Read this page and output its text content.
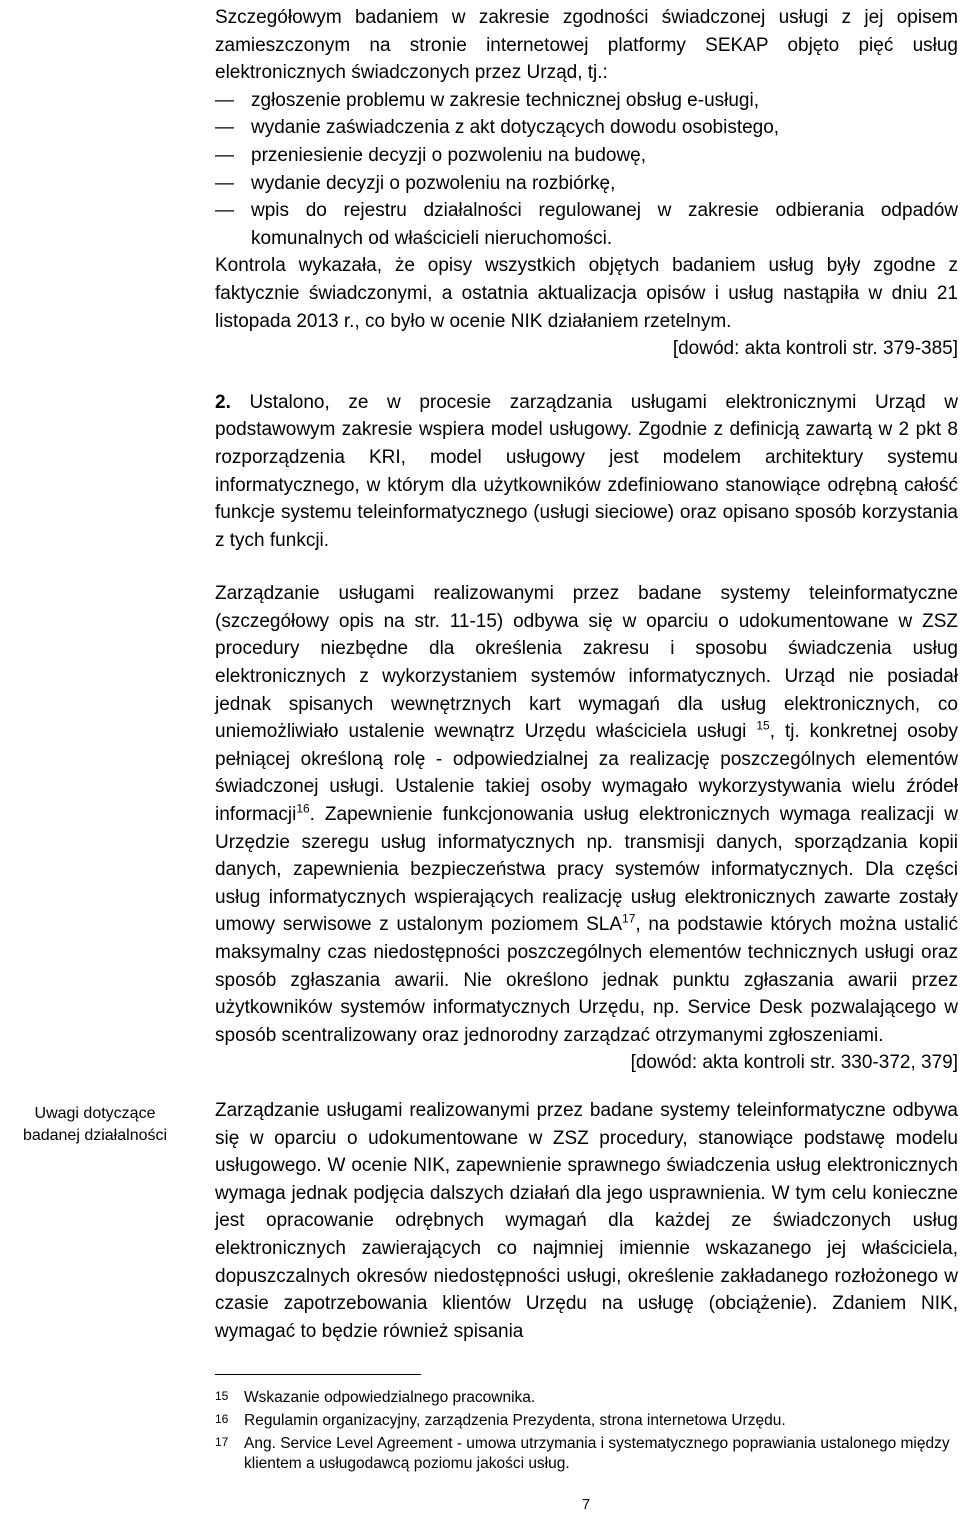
Uwagi dotyczące badanej działalności

Szczegółowym badaniem w zakresie zgodności świadczonej usługi z jej opisem zamieszczonym na stronie internetowej platformy SEKAP objęto pięć usług elektronicznych świadczonych przez Urząd, tj.:

— zgłoszenie problemu w zakresie technicznej obsług e-usługi,
— wydanie zaświadczenia z akt dotyczących dowodu osobistego,
— przeniesienie decyzji o pozwoleniu na budowę,
— wydanie decyzji o pozwoleniu na rozbiórkę,
— wpis do rejestru działalności regulowanej w zakresie odbierania odpadów komunalnych od właścicieli nieruchomości.

Kontrola wykazała, że opisy wszystkich objętych badaniem usług były zgodne z faktycznie świadczonymi, a ostatnia aktualizacja opisów i usług nastąpiła w dniu 21 listopada 2013 r., co było w ocenie NIK działaniem rzetelnym.

[dowód: akta kontroli str. 379-385]

2. Ustalono, ze w procesie zarządzania usługami elektronicznymi Urząd w podstawowym zakresie wspiera model usługowy. Zgodnie z definicją zawartą w 2 pkt 8 rozporządzenia KRI, model usługowy jest modelem architektury systemu informatycznego, w którym dla użytkowników zdefiniowano stanowiące odrębną całość funkcje systemu teleinformatycznego (usługi sieciowe) oraz opisano sposób korzystania z tych funkcji.

Zarządzanie usługami realizowanymi przez badane systemy teleinformatyczne (szczegółowy opis na str. 11-15) odbywa się w oparciu o udokumentowane w ZSZ procedury niezbędne dla określenia zakresu i sposobu świadczenia usług elektronicznych z wykorzystaniem systemów informatycznych. Urząd nie posiadał jednak spisanych wewnętrznych kart wymagań dla usług elektronicznych, co uniemożliwiało ustalenie wewnątrz Urzędu właściciela usługi $^{15}$, tj. konkretnej osoby pełniącej określoną rolę - odpowiedzialnej za realizację poszczególnych elementów świadczonej usługi. Ustalenie takiej osoby wymagało wykorzystywania wielu źródeł informacji$^{16}$. Zapewnienie funkcjonowania usług elektronicznych wymaga realizacji w Urzędzie szeregu usług informatycznych np. transmisji danych, sporządzania kopii danych, zapewnienia bezpieczeństwa pracy systemów informatycznych. Dla części usług informatycznych wspierających realizację usług elektronicznych zawarte zostały umowy serwisowe z ustalonym poziomem SLA$^{17}$, na podstawie których można ustalić maksymalny czas niedostępności poszczególnych elementów technicznych usługi oraz sposób zgłaszania awarii. Nie określono jednak punktu zgłaszania awarii przez użytkowników systemów informatycznych Urzędu, np. Service Desk pozwalającego w sposób scentralizowany oraz jednorodny zarządzać otrzymanymi zgłoszeniami.

[dowód: akta kontroli str. 330-372, 379]

Zarządzanie usługami realizowanymi przez badane systemy teleinformatyczne odbywa się w oparciu o udokumentowane w ZSZ procedury, stanowiące podstawę modelu usługowego. W ocenie NIK, zapewnienie sprawnego świadczenia usług elektronicznych wymaga jednak podjęcia dalszych działań dla jego usprawnienia. W tym celu konieczne jest opracowanie odrębnych wymagań dla każdej ze świadczonych usług elektronicznych zawierających co najmniej imiennie wskazanego jej właściciela, dopuszczalnych okresów niedostępności usługi, określenie zakładanego rozłożonego w czasie zapotrzebowania klientów Urzędu na usługę (obciążenie). Zdaniem NIK, wymagać to będzie również spisania

15 Wskazanie odpowiedzialnego pracownika.
16 Regulamin organizacyjny, zarządzenia Prezydenta, strona internetowa Urzędu.
17 Ang. Service Level Agreement - umowa utrzymania i systematycznego poprawiania ustalonego między klientem a usługodawcą poziomu jakości usług.
7
